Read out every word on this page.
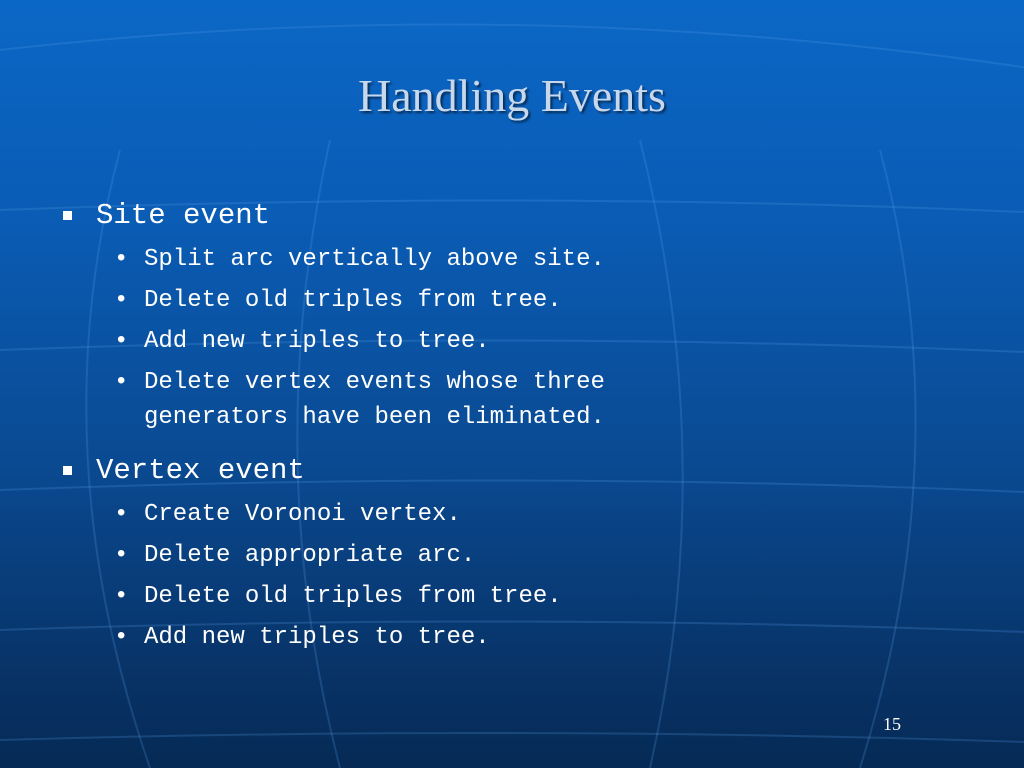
Handling Events
Site event
• Split arc vertically above site.
• Delete old triples from tree.
• Add new triples to tree.
• Delete vertex events whose three generators have been eliminated.
Vertex event
• Create Voronoi vertex.
• Delete appropriate arc.
• Delete old triples from tree.
• Add new triples to tree.
15
